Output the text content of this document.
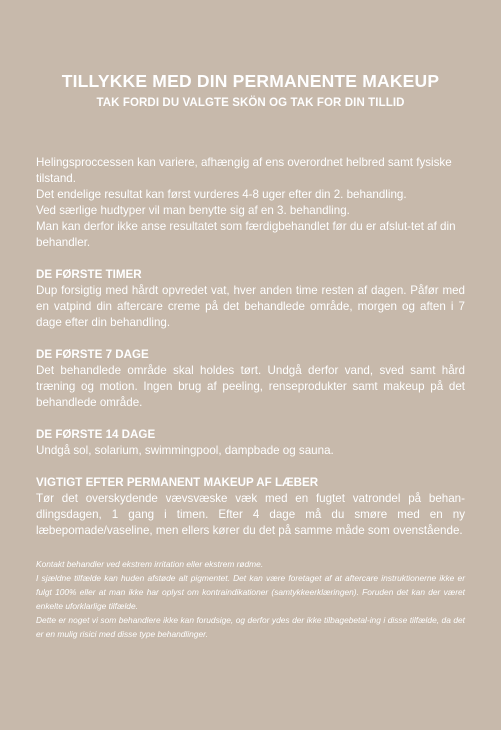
TILLYKKE MED DIN PERMANENTE MAKEUP
TAK FORDI DU VALGTE SKÖN OG TAK FOR DIN TILLID

Helingsproccessen kan variere, afhængig af ens overordnet helbred samt fysiske tilstand.

Det endelige resultat kan først vurderes 4-8 uger efter din 2. behandling.

Ved særlige hudtyper vil man benytte sig af en 3. behandling.

Man kan derfor ikke anse resultatet som færdigbehandlet før du er afslut-tet af din behandler.

DE FØRSTE TIMER

Dup forsigtig med hårdt opvredet vat, hver anden time resten af dagen. Påfør med en vatpind din aftercare creme på det behandlede område, morgen og aften i 7 dage efter din behandling.

DE FØRSTE 7 DAGE

Det behandlede område skal holdes tørt. Undgå derfor vand, sved samt hård træning og motion. Ingen brug af peeling, renseprodukter samt makeup på det behandlede område.

DE FØRSTE 14 DAGE

Undgå sol, solarium, swimmingpool, dampbade og sauna.

VIGTIGT EFTER PERMANENT MAKEUP AF LÆBER

Tør det overskydende vævsvæske væk med en fugtet vatrondel på behan-dlingsdagen, 1 gang i timen. Efter 4 dage må du smøre med en ny læbepomade/vaseline, men ellers kører du det på samme måde som ovenstående.

Kontakt behandler ved ekstrem irritation eller ekstrem rødme.

I sjældne tilfælde kan huden afstøde alt pigmentet. Det kan være foretaget af at aftercare instruktionerne ikke er fulgt 100% eller at man ikke har oplyst om kontraindikationer (samtykkeerklæringen). Foruden det kan der været enkelte uforklarlige tilfælde.

Dette er noget vi som behandlere ikke kan forudsige, og derfor ydes der ikke tilbagebetal-ing i disse tilfælde, da det er en mulig risici med disse type behandlinger.
